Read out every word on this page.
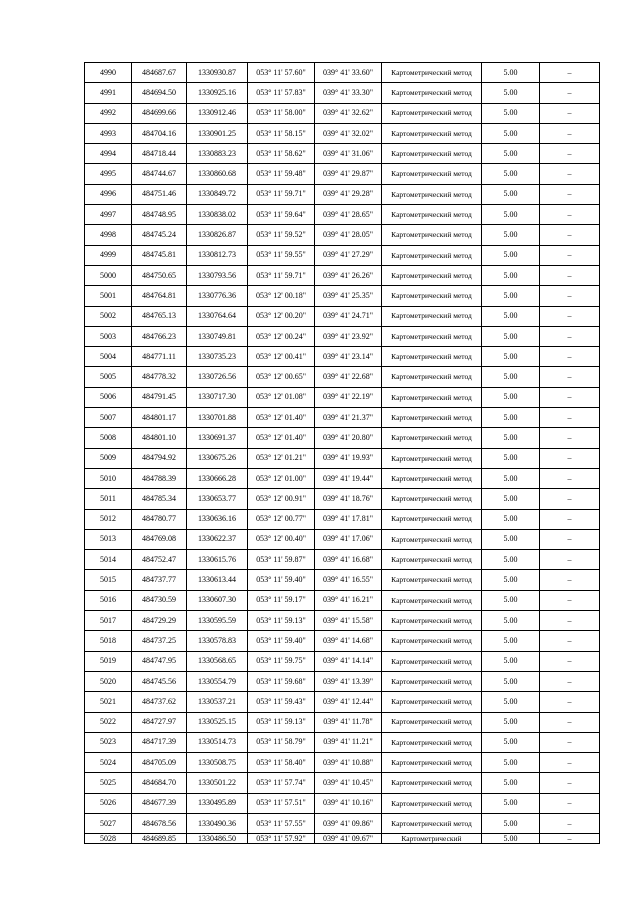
4990	484687.67	1330930.87	053° 11' 57.60"	039° 41' 33.60"	Картометрический метод	5.00	–
4991	484694.50	1330925.16	053° 11' 57.83"	039° 41' 33.30"	Картометрический метод	5.00	–
4992	484699.66	1330912.46	053° 11' 58.00"	039° 41' 32.62"	Картометрический метод	5.00	–
4993	484704.16	1330901.25	053° 11' 58.15"	039° 41' 32.02"	Картометрический метод	5.00	–
4994	484718.44	1330883.23	053° 11' 58.62"	039° 41' 31.06"	Картометрический метод	5.00	–
4995	484744.67	1330860.68	053° 11' 59.48"	039° 41' 29.87"	Картометрический метод	5.00	–
4996	484751.46	1330849.72	053° 11' 59.71"	039° 41' 29.28"	Картометрический метод	5.00	–
4997	484748.95	1330838.02	053° 11' 59.64"	039° 41' 28.65"	Картометрический метод	5.00	–
4998	484745.24	1330826.87	053° 11' 59.52"	039° 41' 28.05"	Картометрический метод	5.00	–
4999	484745.81	1330812.73	053° 11' 59.55"	039° 41' 27.29"	Картометрический метод	5.00	–
5000	484750.65	1330793.56	053° 11' 59.71"	039° 41' 26.26"	Картометрический метод	5.00	–
5001	484764.81	1330776.36	053° 12' 00.18"	039° 41' 25.35"	Картометрический метод	5.00	–
5002	484765.13	1330764.64	053° 12' 00.20"	039° 41' 24.71"	Картометрический метод	5.00	–
5003	484766.23	1330749.81	053° 12' 00.24"	039° 41' 23.92"	Картометрический метод	5.00	–
5004	484771.11	1330735.23	053° 12' 00.41"	039° 41' 23.14"	Картометрический метод	5.00	–
5005	484778.32	1330726.56	053° 12' 00.65"	039° 41' 22.68"	Картометрический метод	5.00	–
5006	484791.45	1330717.30	053° 12' 01.08"	039° 41' 22.19"	Картометрический метод	5.00	–
5007	484801.17	1330701.88	053° 12' 01.40"	039° 41' 21.37"	Картометрический метод	5.00	–
5008	484801.10	1330691.37	053° 12' 01.40"	039° 41' 20.80"	Картометрический метод	5.00	–
5009	484794.92	1330675.26	053° 12' 01.21"	039° 41' 19.93"	Картометрический метод	5.00	–
5010	484788.39	1330666.28	053° 12' 01.00"	039° 41' 19.44"	Картометрический метод	5.00	–
5011	484785.34	1330653.77	053° 12' 00.91"	039° 41' 18.76"	Картометрический метод	5.00	–
5012	484780.77	1330636.16	053° 12' 00.77"	039° 41' 17.81"	Картометрический метод	5.00	–
5013	484769.08	1330622.37	053° 12' 00.40"	039° 41' 17.06"	Картометрический метод	5.00	–
5014	484752.47	1330615.76	053° 11' 59.87"	039° 41' 16.68"	Картометрический метод	5.00	–
5015	484737.77	1330613.44	053° 11' 59.40"	039° 41' 16.55"	Картометрический метод	5.00	–
5016	484730.59	1330607.30	053° 11' 59.17"	039° 41' 16.21"	Картометрический метод	5.00	–
5017	484729.29	1330595.59	053° 11' 59.13"	039° 41' 15.58"	Картометрический метод	5.00	–
5018	484737.25	1330578.83	053° 11' 59.40"	039° 41' 14.68"	Картометрический метод	5.00	–
5019	484747.95	1330568.65	053° 11' 59.75"	039° 41' 14.14"	Картометрический метод	5.00	–
5020	484745.56	1330554.79	053° 11' 59.68"	039° 41' 13.39"	Картометрический метод	5.00	–
5021	484737.62	1330537.21	053° 11' 59.43"	039° 41' 12.44"	Картометрический метод	5.00	–
5022	484727.97	1330525.15	053° 11' 59.13"	039° 41' 11.78"	Картометрический метод	5.00	–
5023	484717.39	1330514.73	053° 11' 58.79"	039° 41' 11.21"	Картометрический метод	5.00	–
5024	484705.09	1330508.75	053° 11' 58.40"	039° 41' 10.88"	Картометрический метод	5.00	–
5025	484684.70	1330501.22	053° 11' 57.74"	039° 41' 10.45"	Картометрический метод	5.00	–
5026	484677.39	1330495.89	053° 11' 57.51"	039° 41' 10.16"	Картометрический метод	5.00	–
5027	484678.56	1330490.36	053° 11' 57.55"	039° 41' 09.86"	Картометрический метод	5.00	–
5028	484689.85	1330486.50	053° 11' 57.92"	039° 41' 09.67"	Картометрический	5.00	–
